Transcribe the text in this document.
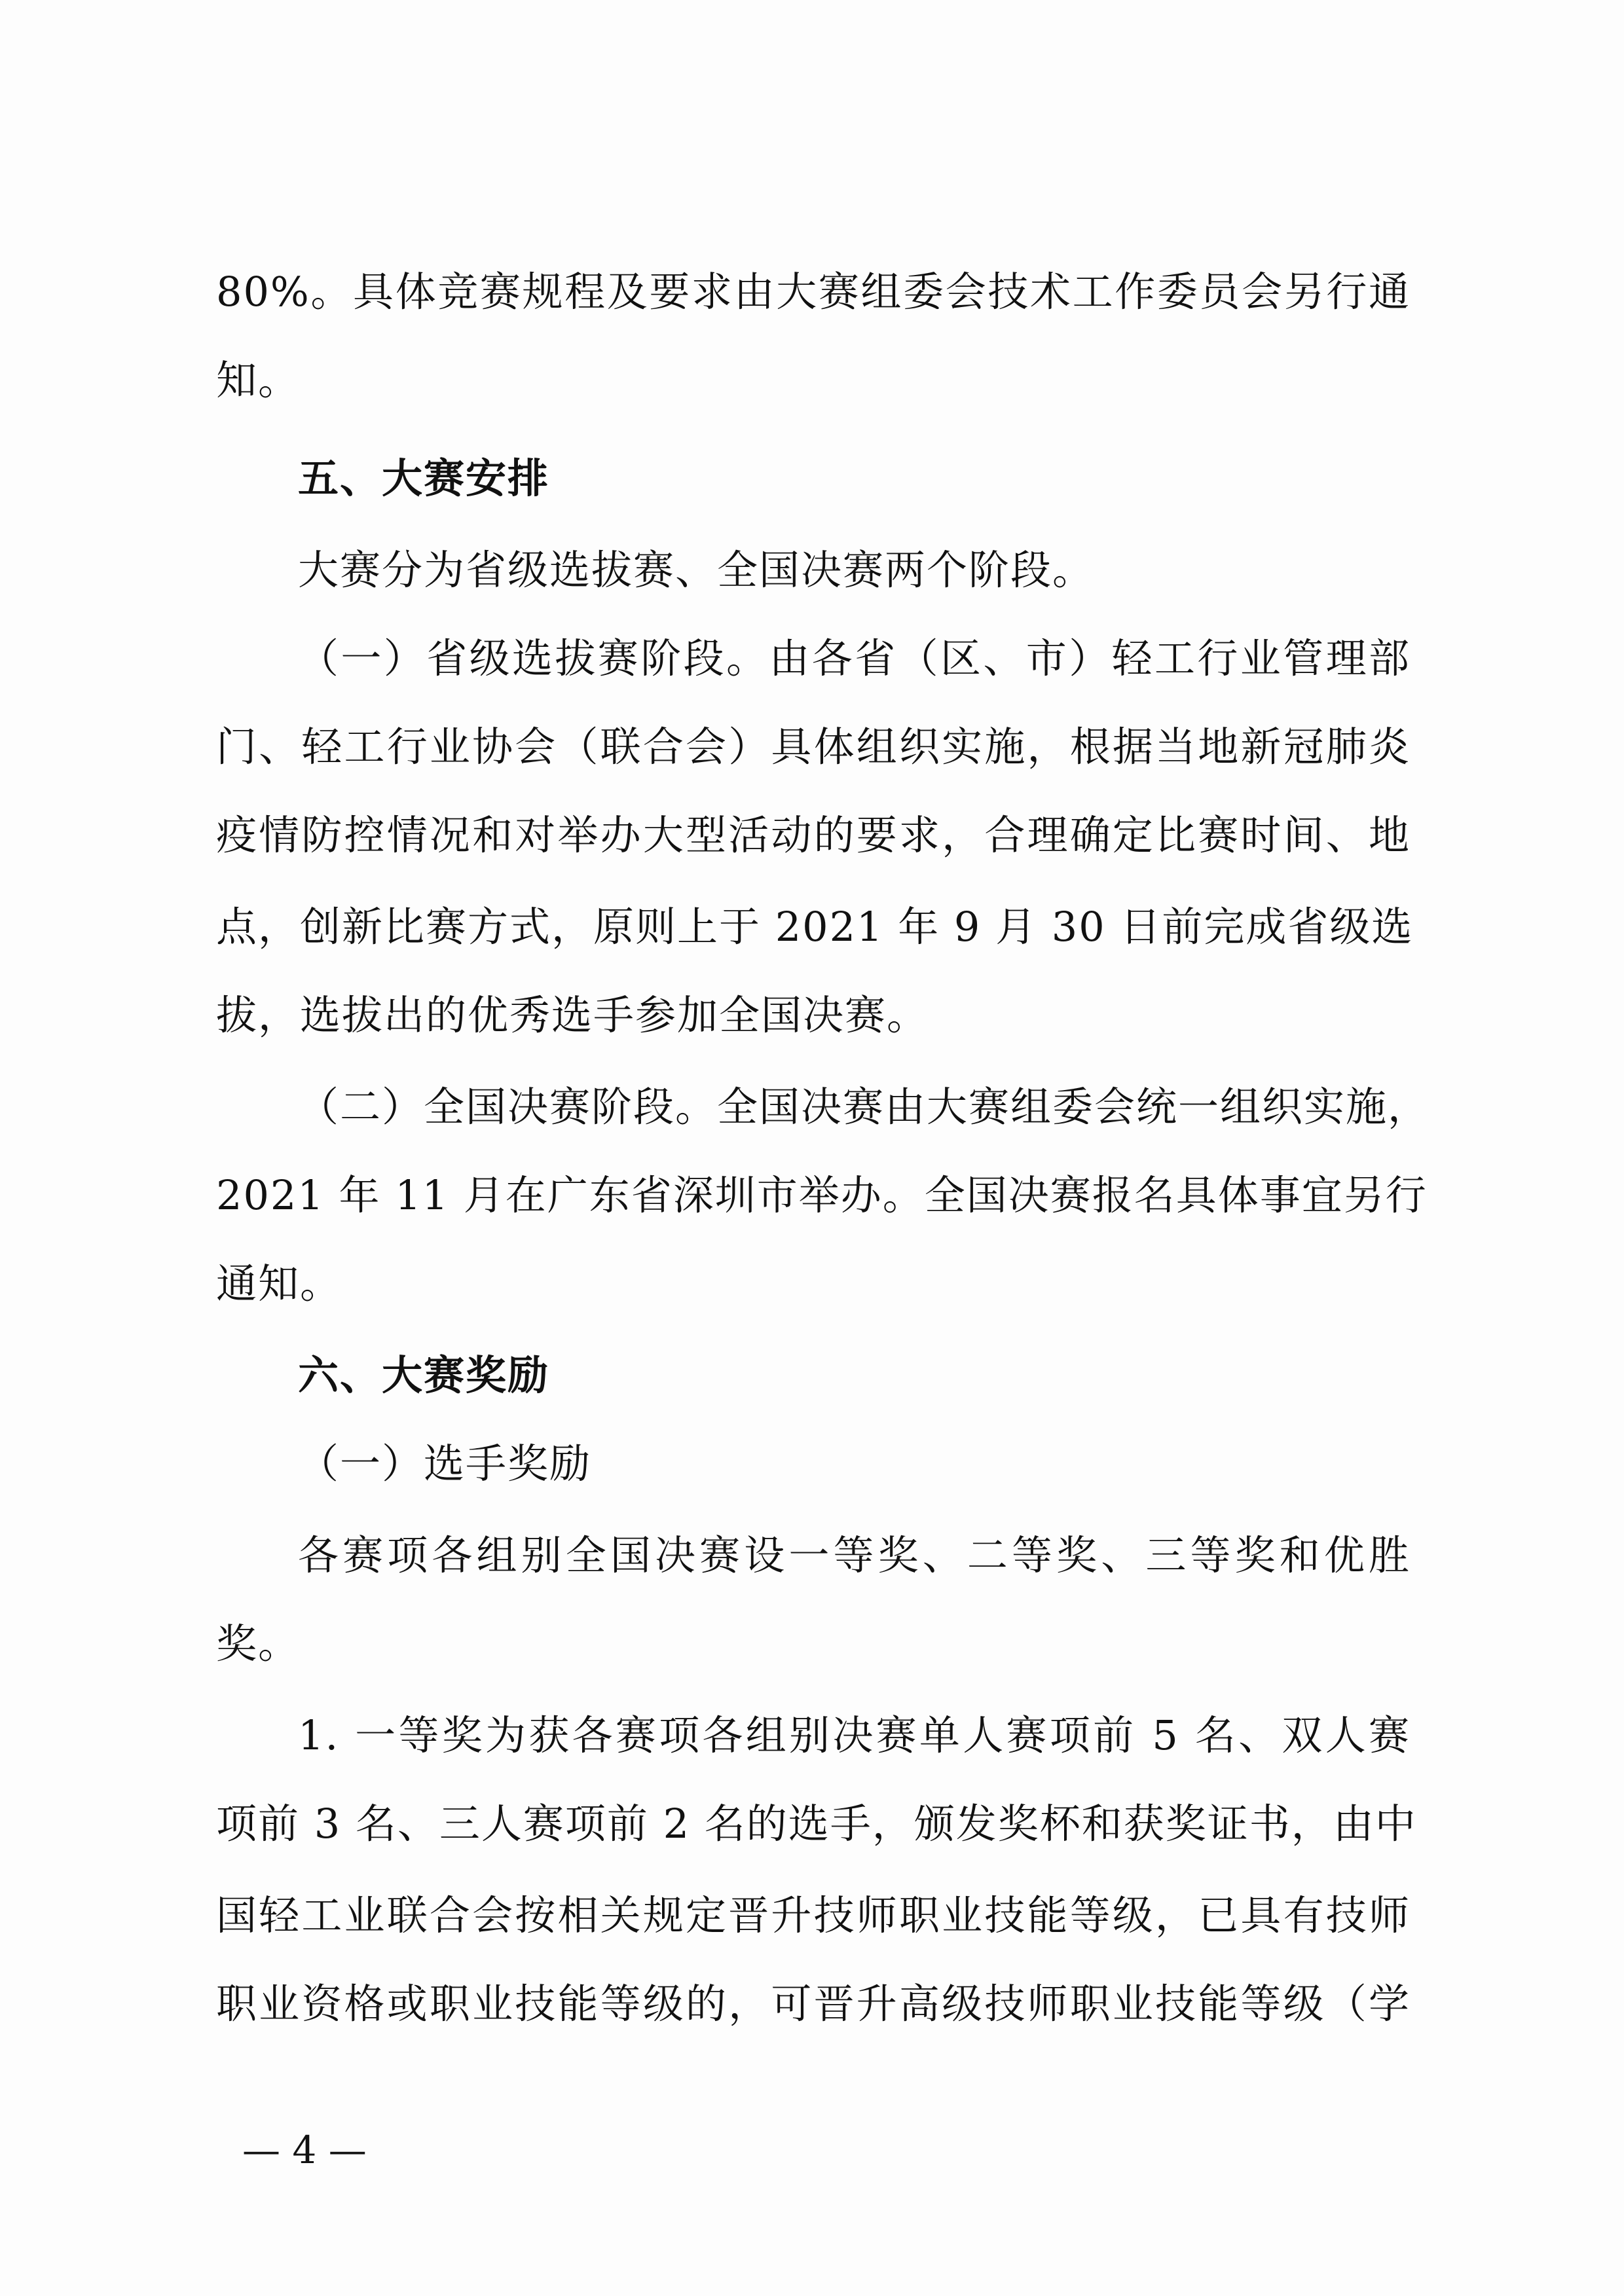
80%。具体竞赛规程及要求由大赛组委会技术工作委员会另行通
知。
五、大赛安排
大赛分为省级选拔赛、全国决赛两个阶段。
（一）省级选拔赛阶段。由各省（区、市）轻工行业管理部
门、轻工行业协会（联合会）具体组织实施，根据当地新冠肺炎
疫情防控情况和对举办大型活动的要求，合理确定比赛时间、地
点，创新比赛方式，原则上于 2021 年 9 月 30 日前完成省级选
拔，选拔出的优秀选手参加全国决赛。
（二）全国决赛阶段。全国决赛由大赛组委会统一组织实施，
2021 年 11 月在广东省深圳市举办。全国决赛报名具体事宜另行
通知。
六、大赛奖励
（一）选手奖励
各赛项各组别全国决赛设一等奖、二等奖、三等奖和优胜
奖。
1. 一等奖为获各赛项各组别决赛单人赛项前 5 名、双人赛
项前 3 名、三人赛项前 2 名的选手，颁发奖杯和获奖证书，由中
国轻工业联合会按相关规定晋升技师职业技能等级，已具有技师
职业资格或职业技能等级的，可晋升高级技师职业技能等级（学
— 4 —
